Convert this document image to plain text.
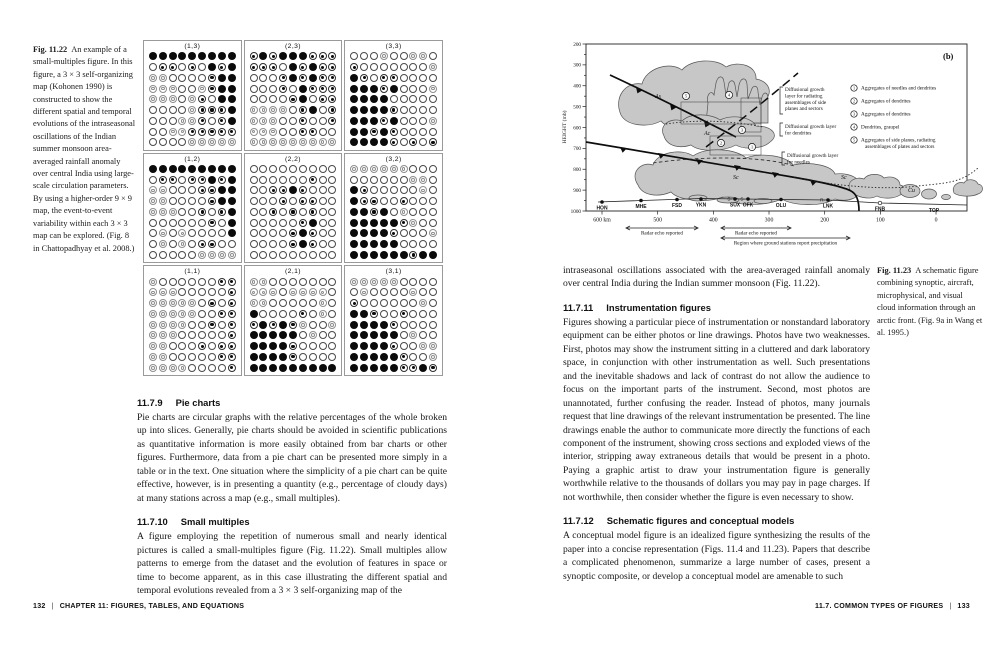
Fig. 11.22 An example of a small-multiples figure. In this figure, a 3 × 3 self-organizing map (Kohonen 1990) is constructed to show the different spatial and temporal evolutions of the intraseasonal oscillations of the Indian summer monsoon area-averaged rainfall anomaly over central India using large-scale circulation parameters. By using a higher-order 9 × 9 map, the event-to-event variability within each 3 × 3 map can be explored. (Fig. 8 in Chattopadhyay et al. 2008.)
(1,3)	(2,3)	(3,3)
(1,2)	(2,2)	(3,2)
(1,1)	(2,1)	(3,1)
11.7.9 Pie charts

Pie charts are circular graphs with the relative percentages of the whole broken up into slices. Generally, pie charts should be avoided in scientific publications as quantitative information is more easily obtained from bar charts or other figures. Furthermore, data from a pie chart can be presented more simply in a table or in the text. One situation where the simplicity of a pie chart can be quite effective, however, is in presenting a quantity (e.g., percentage of cloudy days) at many stations across a map (e.g., small multiples).

11.7.10 Small multiples

A figure employing the repetition of numerous small and nearly identical pictures is called a small-multiples figure (Fig. 11.22). Small multiples allow patterns to emerge from the dataset and the evolution of features in space or time to become apparent, as in this case illustrating the different spatial and temporal evolutions revealed from a 3 × 3 self-organizing map of the

132 | CHAPTER 11: FIGURES, TABLES, AND EQUATIONS
HEIGHT (mb)
(b)
200
300
400
500
600
700
800
900
1000
600 km	500	400	300	200	100	0
HON	MHE	FSD	YKN
S-
SUX
S-
OFK	OLU
R-
LNK	FNB	TOP
1 Aggregates of needles and dendrites
2 Aggregates of dendrites
3 Aggregates of dendrites
4 Dendrites, graupel
5 Aggregates of side planes, radiating
assemblages of plates and sectors
Diffusional growth
layer for radiating
assemblages of side
planes and sectors
Diffusional growth layer
for dendrites
Diffusional growth layer
for needles
5	4
3
2
1
As
Ac
Sc	Sc
Cu
Radar echo reported	Radar echo reported
Region where ground stations report precipitation

intraseasonal oscillations associated with the area-averaged rainfall anomaly over central India during the Indian summer monsoon (Fig. 11.22).

11.7.11 Instrumentation figures

Figures showing a particular piece of instrumentation or nonstandard laboratory equipment can be either photos or line drawings. Photos have two weaknesses. First, photos may show the instrument sitting in a cluttered and dark laboratory space, in conjunction with other instrumentation as well. Such presentations and the inevitable shadows and lack of contrast do not allow the audience to focus on the important parts of the instrument. Second, most photos are unannotated, further confusing the reader. Instead of photos, many journals request that line drawings of the relevant instrumentation be presented. The line drawings enable the author to communicate more directly the functions of each component of the instrument, showing cross sections and exploded views of the interior, stripping away extraneous details that would be present in a photo. Paying a graphic artist to draw your instrumentation figure is generally worthwhile relative to the thousands of dollars you may pay in page charges. If not worthwhile, then consider whether the figure is even necessary to show.

11.7.12 Schematic figures and conceptual models

A conceptual model figure is an idealized figure synthesizing the results of the paper into a concise representation (Figs. 11.4 and 11.23). Papers that describe a complicated phenomenon, summarize a large number of cases, present a synoptic composite, or develop a conceptual model are amenable to such

Fig. 11.23 A schematic figure combining synoptic, aircraft, microphysical, and visual cloud information through an arctic front. (Fig. 9a in Wang et al. 1995.)
11.7. COMMON TYPES OF FIGURES | 133
